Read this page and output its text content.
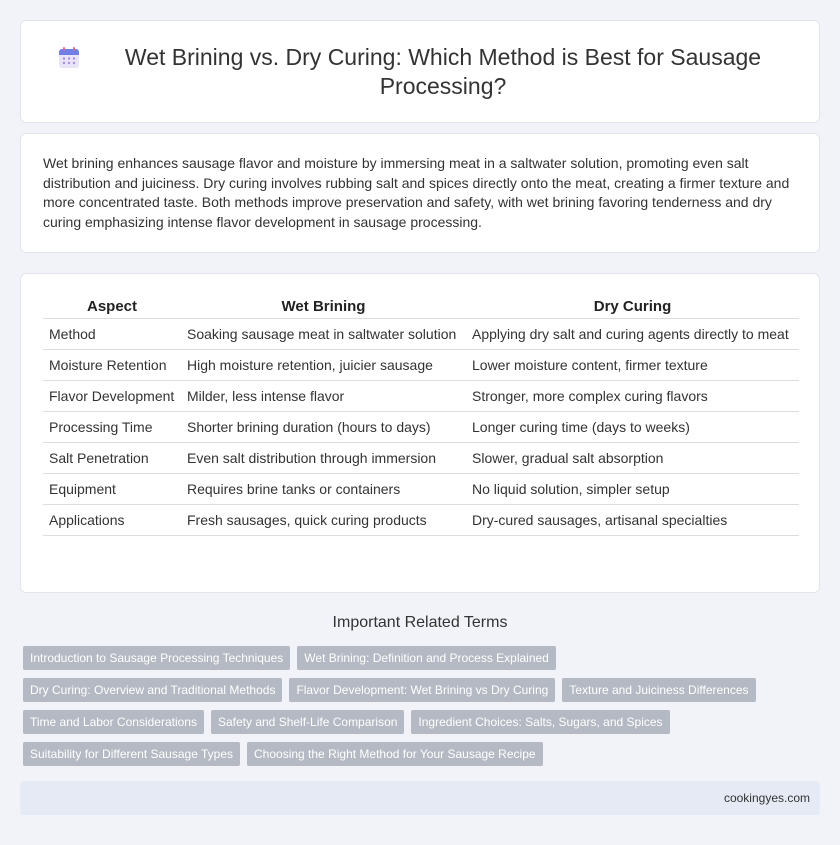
Wet Brining vs. Dry Curing: Which Method is Best for Sausage Processing?

Wet brining enhances sausage flavor and moisture by immersing meat in a saltwater solution, promoting even salt distribution and juiciness. Dry curing involves rubbing salt and spices directly onto the meat, creating a firmer texture and more concentrated taste. Both methods improve preservation and safety, with wet brining favoring tenderness and dry curing emphasizing intense flavor development in sausage processing.

Aspect	Wet Brining	Dry Curing
Method	Soaking sausage meat in saltwater solution	Applying dry salt and curing agents directly to meat
Moisture Retention	High moisture retention, juicier sausage	Lower moisture content, firmer texture
Flavor Development	Milder, less intense flavor	Stronger, more complex curing flavors
Processing Time	Shorter brining duration (hours to days)	Longer curing time (days to weeks)
Salt Penetration	Even salt distribution through immersion	Slower, gradual salt absorption
Equipment	Requires brine tanks or containers	No liquid solution, simpler setup
Applications	Fresh sausages, quick curing products	Dry-cured sausages, artisanal specialties
Important Related Terms
Introduction to Sausage Processing Techniques	Wet Brining: Definition and Process Explained
Dry Curing: Overview and Traditional Methods	Flavor Development: Wet Brining vs Dry Curing	Texture and Juiciness Differences
Time and Labor Considerations	Safety and Shelf-Life Comparison	Ingredient Choices: Salts, Sugars, and Spices
Suitability for Different Sausage Types	Choosing the Right Method for Your Sausage Recipe
cookingyes.com
